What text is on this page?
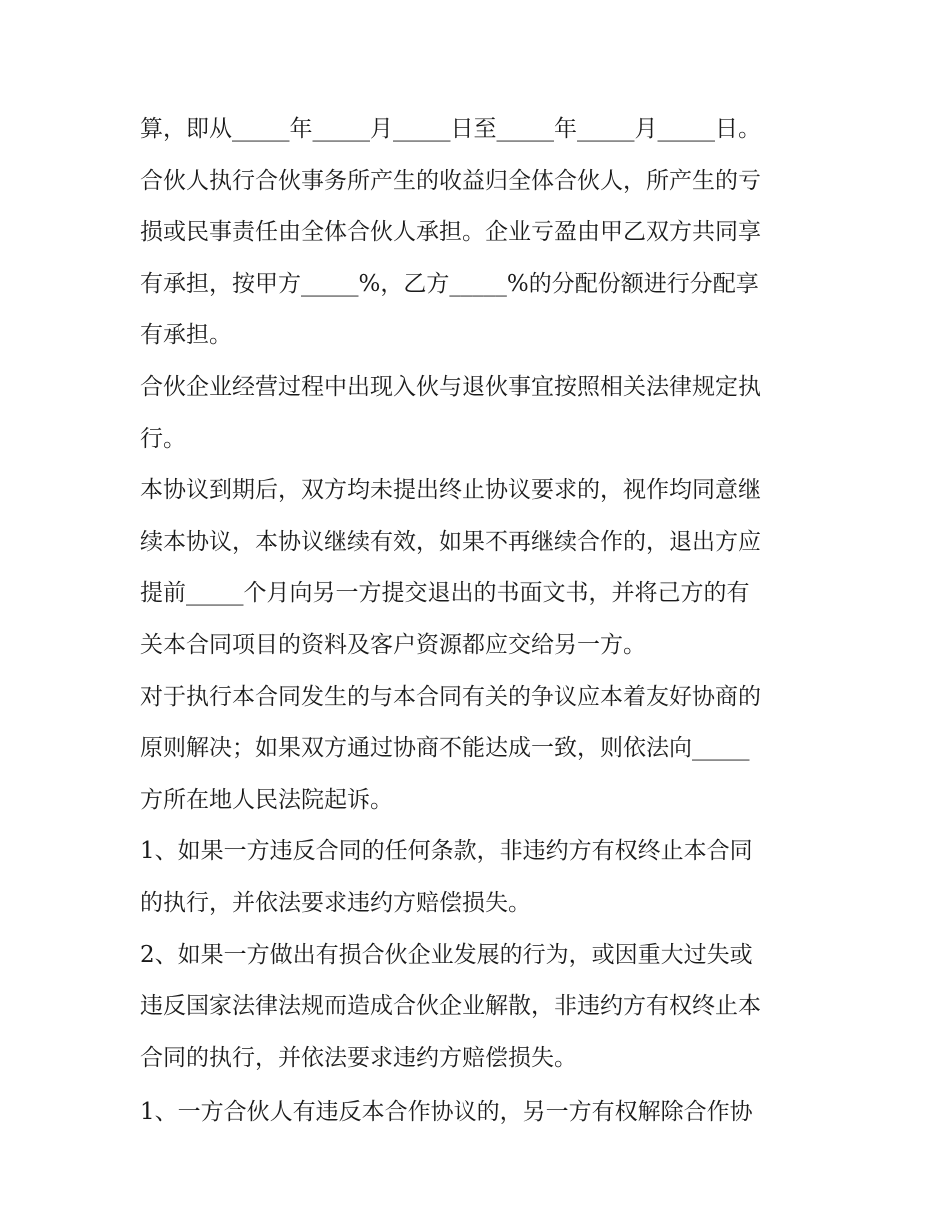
算，即从_____年_____月_____日至_____年_____月_____日。
合伙人执行合伙事务所产生的收益归全体合伙人，所产生的亏
损或民事责任由全体合伙人承担。企业亏盈由甲乙双方共同享
有承担，按甲方_____%，乙方_____%的分配份额进行分配享
有承担。
合伙企业经营过程中出现入伙与退伙事宜按照相关法律规定执
行。
本协议到期后，双方均未提出终止协议要求的，视作均同意继
续本协议，本协议继续有效，如果不再继续合作的，退出方应
提前_____个月向另一方提交退出的书面文书，并将己方的有
关本合同项目的资料及客户资源都应交给另一方。
对于执行本合同发生的与本合同有关的争议应本着友好协商的
原则解决；如果双方通过协商不能达成一致，则依法向_____
方所在地人民法院起诉。
1、如果一方违反合同的任何条款，非违约方有权终止本合同
的执行，并依法要求违约方赔偿损失。
2、如果一方做出有损合伙企业发展的行为，或因重大过失或
违反国家法律法规而造成合伙企业解散，非违约方有权终止本
合同的执行，并依法要求违约方赔偿损失。
1、一方合伙人有违反本合作协议的，另一方有权解除合作协
